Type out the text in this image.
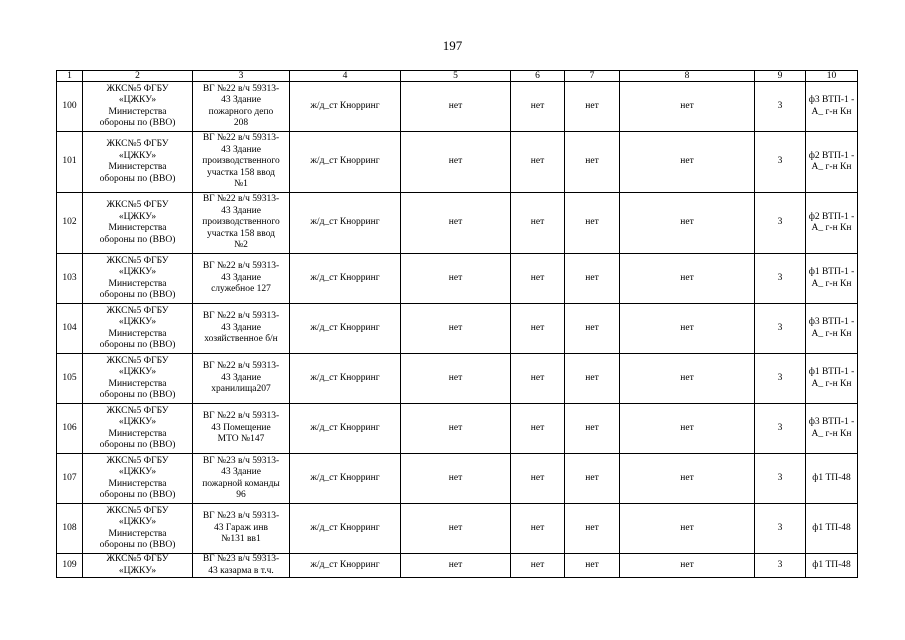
197
1	2	3	4	5	6	7	8	9	10
100	ЖКС№5 ФГБУ
«ЦЖКУ»
Министерства
обороны по (ВВО)	ВГ №22 в/ч 59313-
43 Здание
пожарного депо
208	ж/д_ст Кнорринг	нет	нет	нет	нет	3	ф3 ВТП-1 -
А_ г-н Кн
101	ЖКС№5 ФГБУ
«ЦЖКУ»
Министерства
обороны по (ВВО)	ВГ №22 в/ч 59313-
43 Здание
производственного
участка 158 ввод
№1	ж/д_ст Кнорринг	нет	нет	нет	нет	3	ф2 ВТП-1 -
А_ г-н Кн
102	ЖКС№5 ФГБУ
«ЦЖКУ»
Министерства
обороны по (ВВО)	ВГ №22 в/ч 59313-
43 Здание
производственного
участка 158 ввод
№2	ж/д_ст Кнорринг	нет	нет	нет	нет	3	ф2 ВТП-1 -
А_ г-н Кн
103	ЖКС№5 ФГБУ
«ЦЖКУ»
Министерства
обороны по (ВВО)	ВГ №22 в/ч 59313-
43 Здание
служебное 127	ж/д_ст Кнорринг	нет	нет	нет	нет	3	ф1 ВТП-1 -
А_ г-н Кн
104	ЖКС№5 ФГБУ
«ЦЖКУ»
Министерства
обороны по (ВВО)	ВГ №22 в/ч 59313-
43 Здание
хозяйственное б/н	ж/д_ст Кнорринг	нет	нет	нет	нет	3	ф3 ВТП-1 -
А_ г-н Кн
105	ЖКС№5 ФГБУ
«ЦЖКУ»
Министерства
обороны по (ВВО)	ВГ №22 в/ч 59313-
43 Здание
хранилища207	ж/д_ст Кнорринг	нет	нет	нет	нет	3	ф1 ВТП-1 -
А_ г-н Кн
106	ЖКС№5 ФГБУ
«ЦЖКУ»
Министерства
обороны по (ВВО)	ВГ №22 в/ч 59313-
43 Помещение
МТО №147	ж/д_ст Кнорринг	нет	нет	нет	нет	3	ф3 ВТП-1 -
А_ г-н Кн
107	ЖКС№5 ФГБУ
«ЦЖКУ»
Министерства
обороны по (ВВО)	ВГ №23 в/ч 59313-
43 Здание
пожарной команды
96	ж/д_ст Кнорринг	нет	нет	нет	нет	3	ф1 ТП-48
108	ЖКС№5 ФГБУ
«ЦЖКУ»
Министерства
обороны по (ВВО)	ВГ №23 в/ч 59313-
43 Гараж инв
№131 вв1	ж/д_ст Кнорринг	нет	нет	нет	нет	3	ф1 ТП-48
109	ЖКС№5 ФГБУ
«ЦЖКУ»	ВГ №23 в/ч 59313-
43 казарма в т.ч.	ж/д_ст Кнорринг	нет	нет	нет	нет	3	ф1 ТП-48
